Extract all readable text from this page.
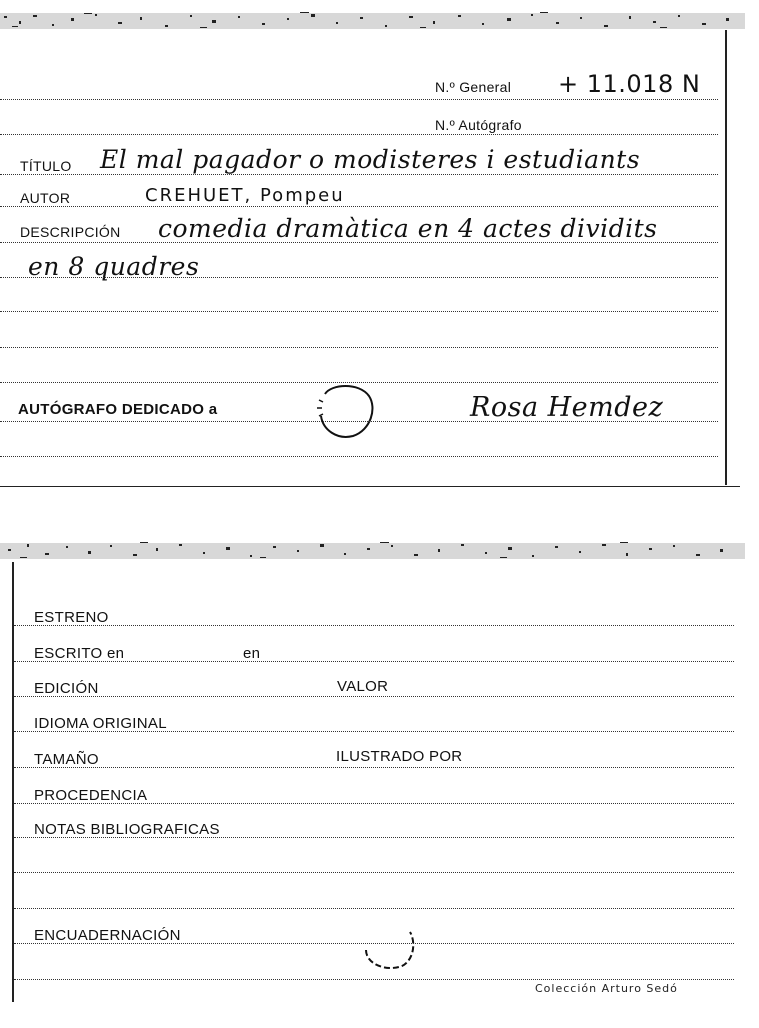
N.º General + 11.018 N
N.º Autógrafo
TÍTULO El mal pagador o modisteres i estudiants
AUTOR	CREHUET, Pompeu
DESCRIPCIÓN comedia dramàtica en 4 actes dividits
en 8 quadres
AUTÓGRAFO DEDICADO a	Rosa Hemdez
ESTRENO
ESCRITO en	en
EDICIÓN	VALOR
IDIOMA ORIGINAL
TAMAÑO	ILUSTRADO POR
PROCEDENCIA
NOTAS BIBLIOGRAFICAS
ENCUADERNACIÓN
Colección Arturo Sedó
